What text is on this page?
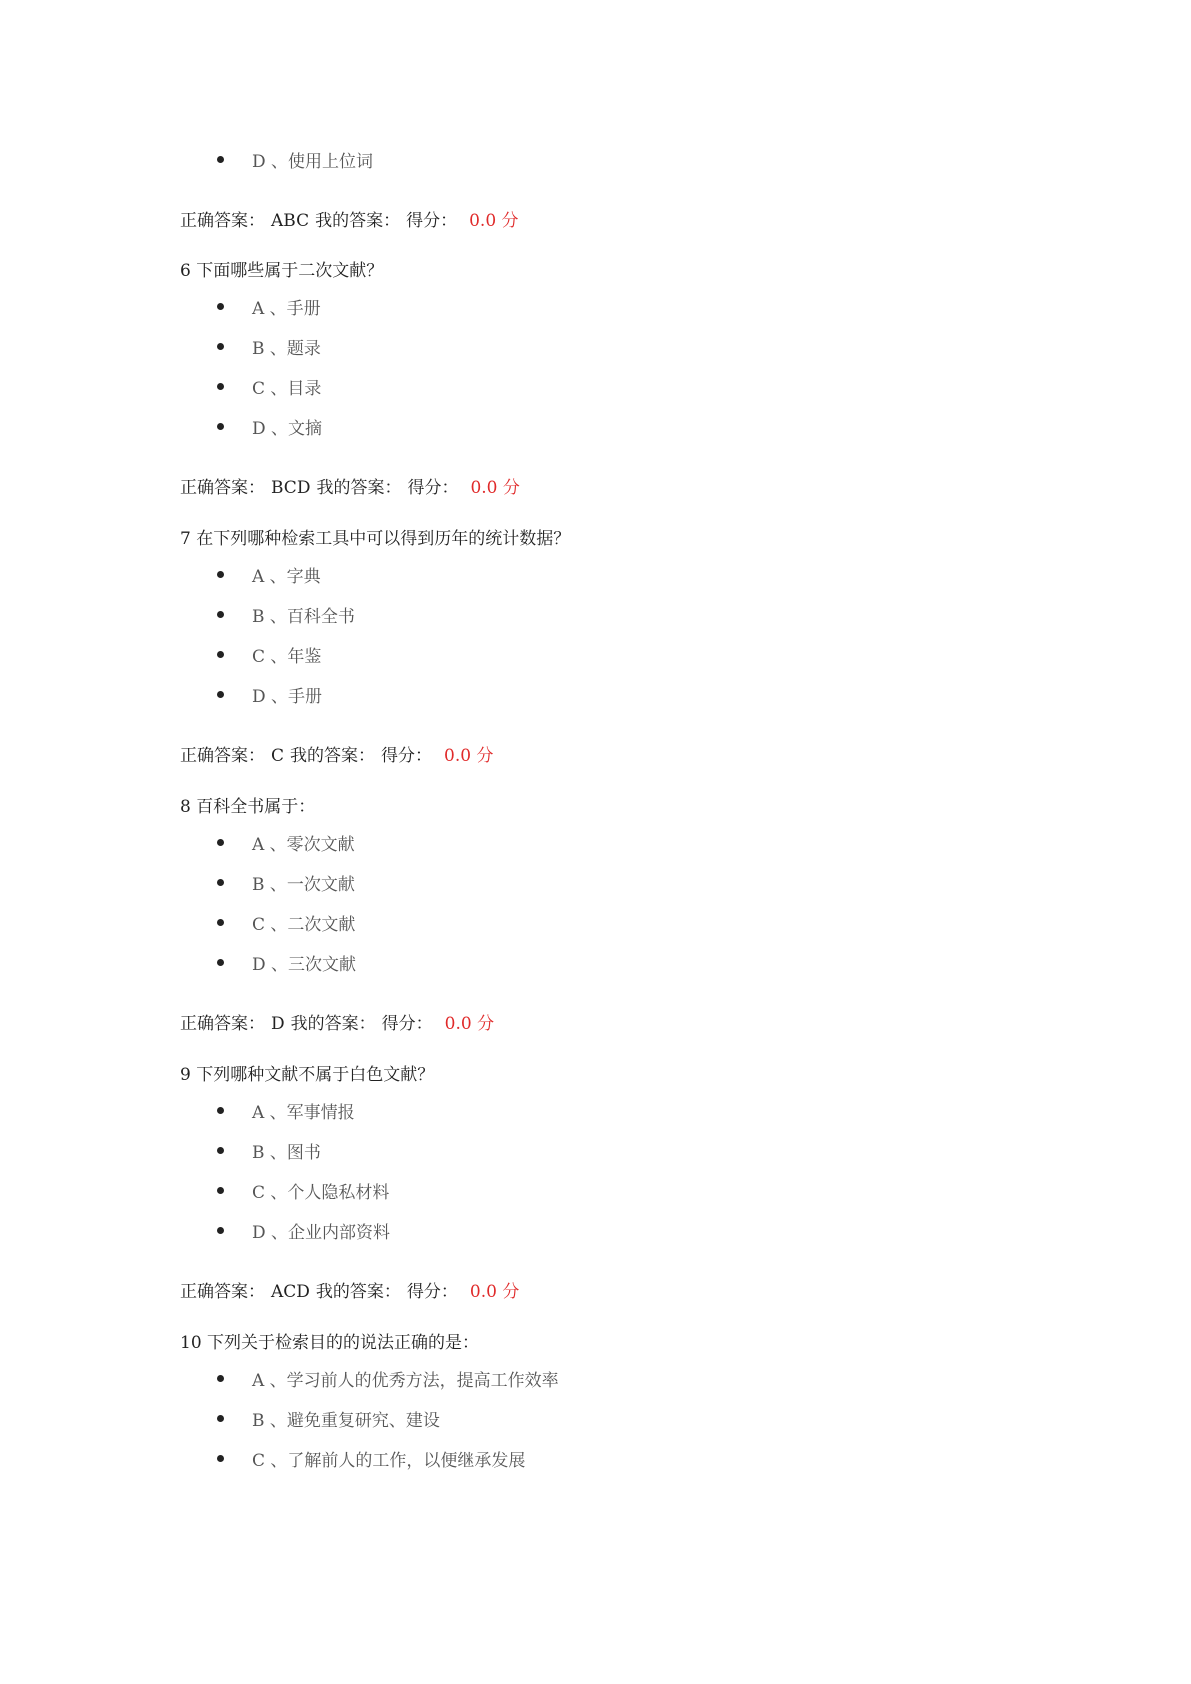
D 、使用上位词
正确答案： ABC 我的答案： 得分： 0.0 分
6 下面哪些属于二次文献？
A 、手册
B 、题录
C 、目录
D 、文摘
正确答案： BCD 我的答案： 得分： 0.0 分
7 在下列哪种检索工具中可以得到历年的统计数据？
A 、字典
B 、百科全书
C 、年鉴
D 、手册
正确答案： C 我的答案： 得分： 0.0 分
8 百科全书属于：
A 、零次文献
B 、一次文献
C 、二次文献
D 、三次文献
正确答案： D 我的答案： 得分： 0.0 分
9 下列哪种文献不属于白色文献？
A 、军事情报
B 、图书
C 、个人隐私材料
D 、企业内部资料
正确答案： ACD 我的答案： 得分： 0.0 分
10 下列关于检索目的的说法正确的是：
A 、学习前人的优秀方法，提高工作效率
B 、避免重复研究、建设
C 、了解前人的工作，以便继承发展
